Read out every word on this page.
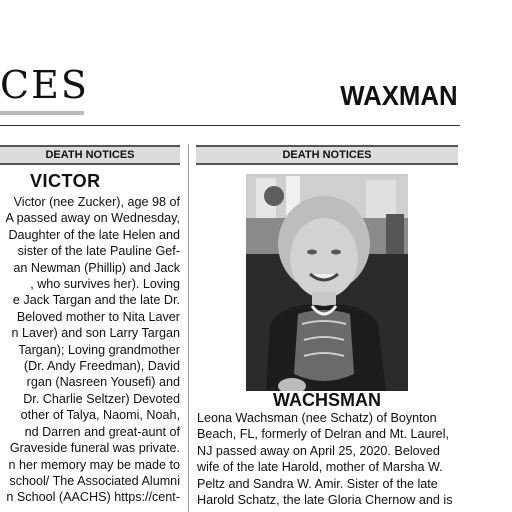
CES	WAXMAN
DEATH NOTICES	DEATH NOTICES
VICTOR
Victor (nee Zucker), age 98 of
A passed away on Wednesday,
Daughter of the late Helen and
sister of the late Pauline Gef-
an Newman (Phillip) and Jack
, who survives her). Loving
e Jack Targan and the late Dr.
Beloved mother to Nita Laver
n Laver) and son Larry Targan
Targan); Loving grandmother
(Dr. Andy Freedman), David
rgan (Nasreen Yousefi) and
Dr. Charlie Seltzer) Devoted
other of Talya, Naomi, Noah,
nd Darren and great-aunt of
Graveside funeral was private.
n her memory may be made to
school/ The Associated Alumni
n School (AACHS) https://cent-
WACHSMAN
Leona Wachsman (nee Schatz) of Boynton
Beach, FL, formerly of Delran and Mt. Laurel,
NJ passed away on April 25, 2020. Beloved
wife of the late Harold, mother of Marsha W.
Peltz and Sandra W. Amir. Sister of the late
Harold Schatz, the late Gloria Chernow and is
